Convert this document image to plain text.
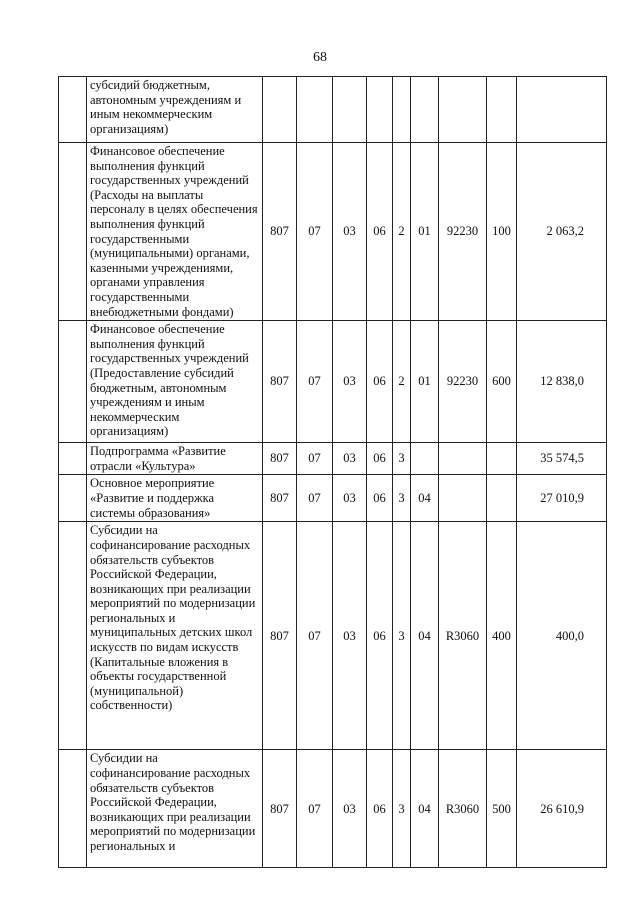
68

	субсидий бюджетным, автономным учреждениям и иным некоммерческим организациям)									

	Финансовое обеспечение выполнения функций государственных учреждений (Расходы на выплаты персоналу в целях обеспечения выполнения функций государственными (муниципальными) органами, казенными учреждениями, органами управления государственными внебюджетными фондами)	807	07	03	06	2	01	92230	100	2 063,2

	Финансовое обеспечение выполнения функций государственных учреждений (Предоставление субсидий бюджетным, автономным учреждениям и иным некоммерческим организациям)	807	07	03	06	2	01	92230	600	12 838,0

	Подпрограмма «Развитие отрасли «Культура»	807	07	03	06	3				35 574,5

	Основное мероприятие «Развитие и поддержка системы образования»	807	07	03	06	3	04			27 010,9

	Субсидии на софинансирование расходных обязательств субъектов Российской Федерации, возникающих при реализации мероприятий по модернизации региональных и муниципальных детских школ искусств по видам искусств (Капитальные вложения в объекты государственной (муниципальной) собственности)	807	07	03	06	3	04	R3060	400	400,0

	Субсидии на софинансирование расходных обязательств субъектов Российской Федерации, возникающих при реализации мероприятий по модернизации региональных и	807	07	03	06	3	04	R3060	500	26 610,9
